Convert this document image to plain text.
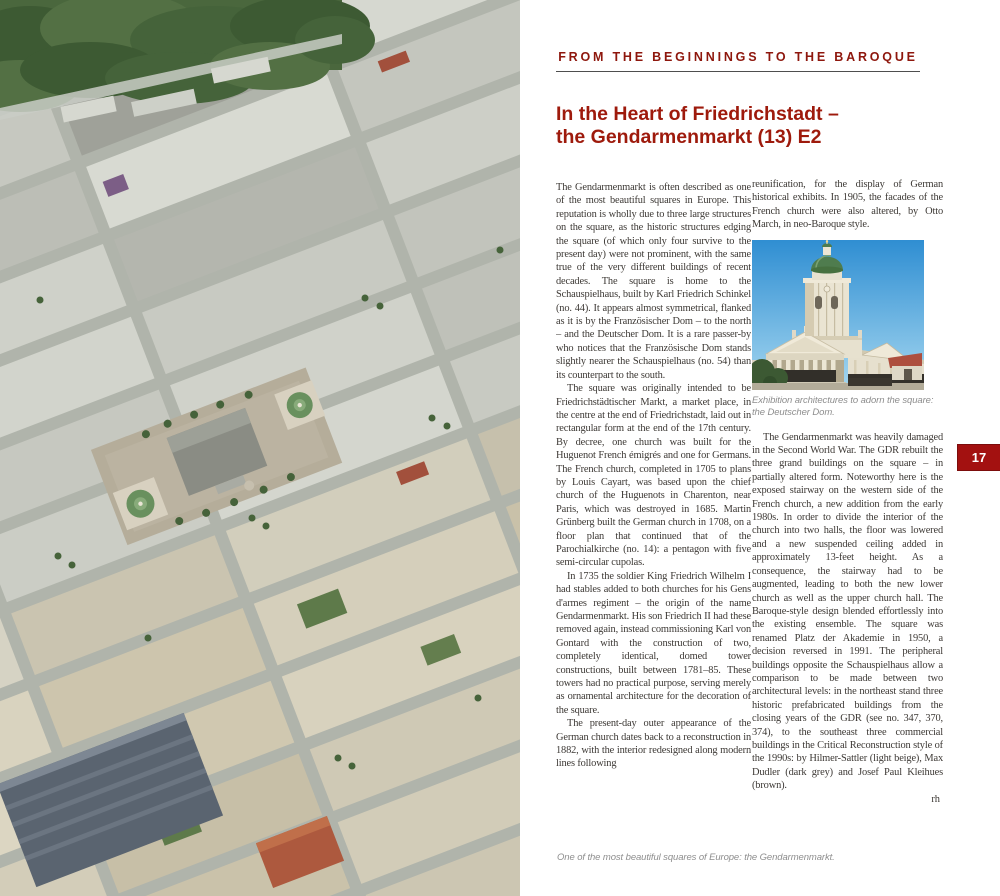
FROM THE BEGINNINGS TO THE BAROQUE
In the Heart of Friedrichstadt –
the Gendarmenmarkt (13) E2

The Gendarmenmarkt is often described as one of the most beautiful squares in Europe. This reputation is wholly due to three large structures on the square, as the historic structures edging the square (of which only four survive to the present day) were not prominent, with the same true of the very different buildings of recent decades. The square is home to the Schauspielhaus, built by Karl Friedrich Schinkel (no. 44). It appears almost symmetrical, flanked as it is by the Französischer Dom – to the north – and the Deutscher Dom. It is a rare passer-by who notices that the Französische Dom stands slightly nearer the Schauspielhaus (no. 54) than its counterpart to the south.

The square was originally intended to be Friedrichstädtischer Markt, a market place, in the centre at the end of Friedrichstadt, laid out in rectangular form at the end of the 17th century. By decree, one church was built for the Huguenot French émigrés and one for Germans. The French church, completed in 1705 to plans by Louis Cayart, was based upon the chief church of the Huguenots in Charenton, near Paris, which was destroyed in 1685. Martin Grünberg built the German church in 1708, on a floor plan that continued that of the Parochialkirche (no. 14): a pentagon with five semi-circular cupolas.

In 1735 the soldier King Friedrich Wilhelm I had stables added to both churches for his Gens d'armes regiment – the origin of the name Gendarmenmarkt. His son Friedrich II had these removed again, instead commissioning Karl von Gontard with the construction of two, completely identical, domed tower constructions, built between 1781–85. These towers had no practical purpose, serving merely as ornamental architecture for the decoration of the square.

The present-day outer appearance of the German church dates back to a reconstruction in 1882, with the interior redesigned along modern lines following

reunification, for the display of German historical exhibits. In 1905, the facades of the French church were also altered, by Otto March, in neo-Baroque style.

Exhibition architectures to adorn the square: the Deutscher Dom.

The Gendarmenmarkt was heavily damaged in the Second World War. The GDR rebuilt the three grand buildings on the square – in partially altered form. Noteworthy here is the exposed stairway on the western side of the French church, a new addition from the early 1980s. In order to divide the interior of the church into two halls, the floor was lowered and a new suspended ceiling added in approximately 13-feet height. As a consequence, the stairway had to be augmented, leading to both the new lower church as well as the upper church hall. The Baroque-style design blended effortlessly into the existing ensemble. The square was renamed Platz der Akademie in 1950, a decision reversed in 1991. The peripheral buildings opposite the Schauspielhaus allow a comparison to be made between two architectural levels: in the northeast stand three historic prefabricated buildings from the closing years of the GDR (see no. 347, 370, 374), to the southeast three commercial buildings in the Critical Reconstruction style of the 1990s: by Hilmer-Sattler (light beige), Max Dudler (dark grey) and Josef Paul Kleihues (brown).

rh
17
One of the most beautiful squares of Europe: the Gendarmenmarkt.
